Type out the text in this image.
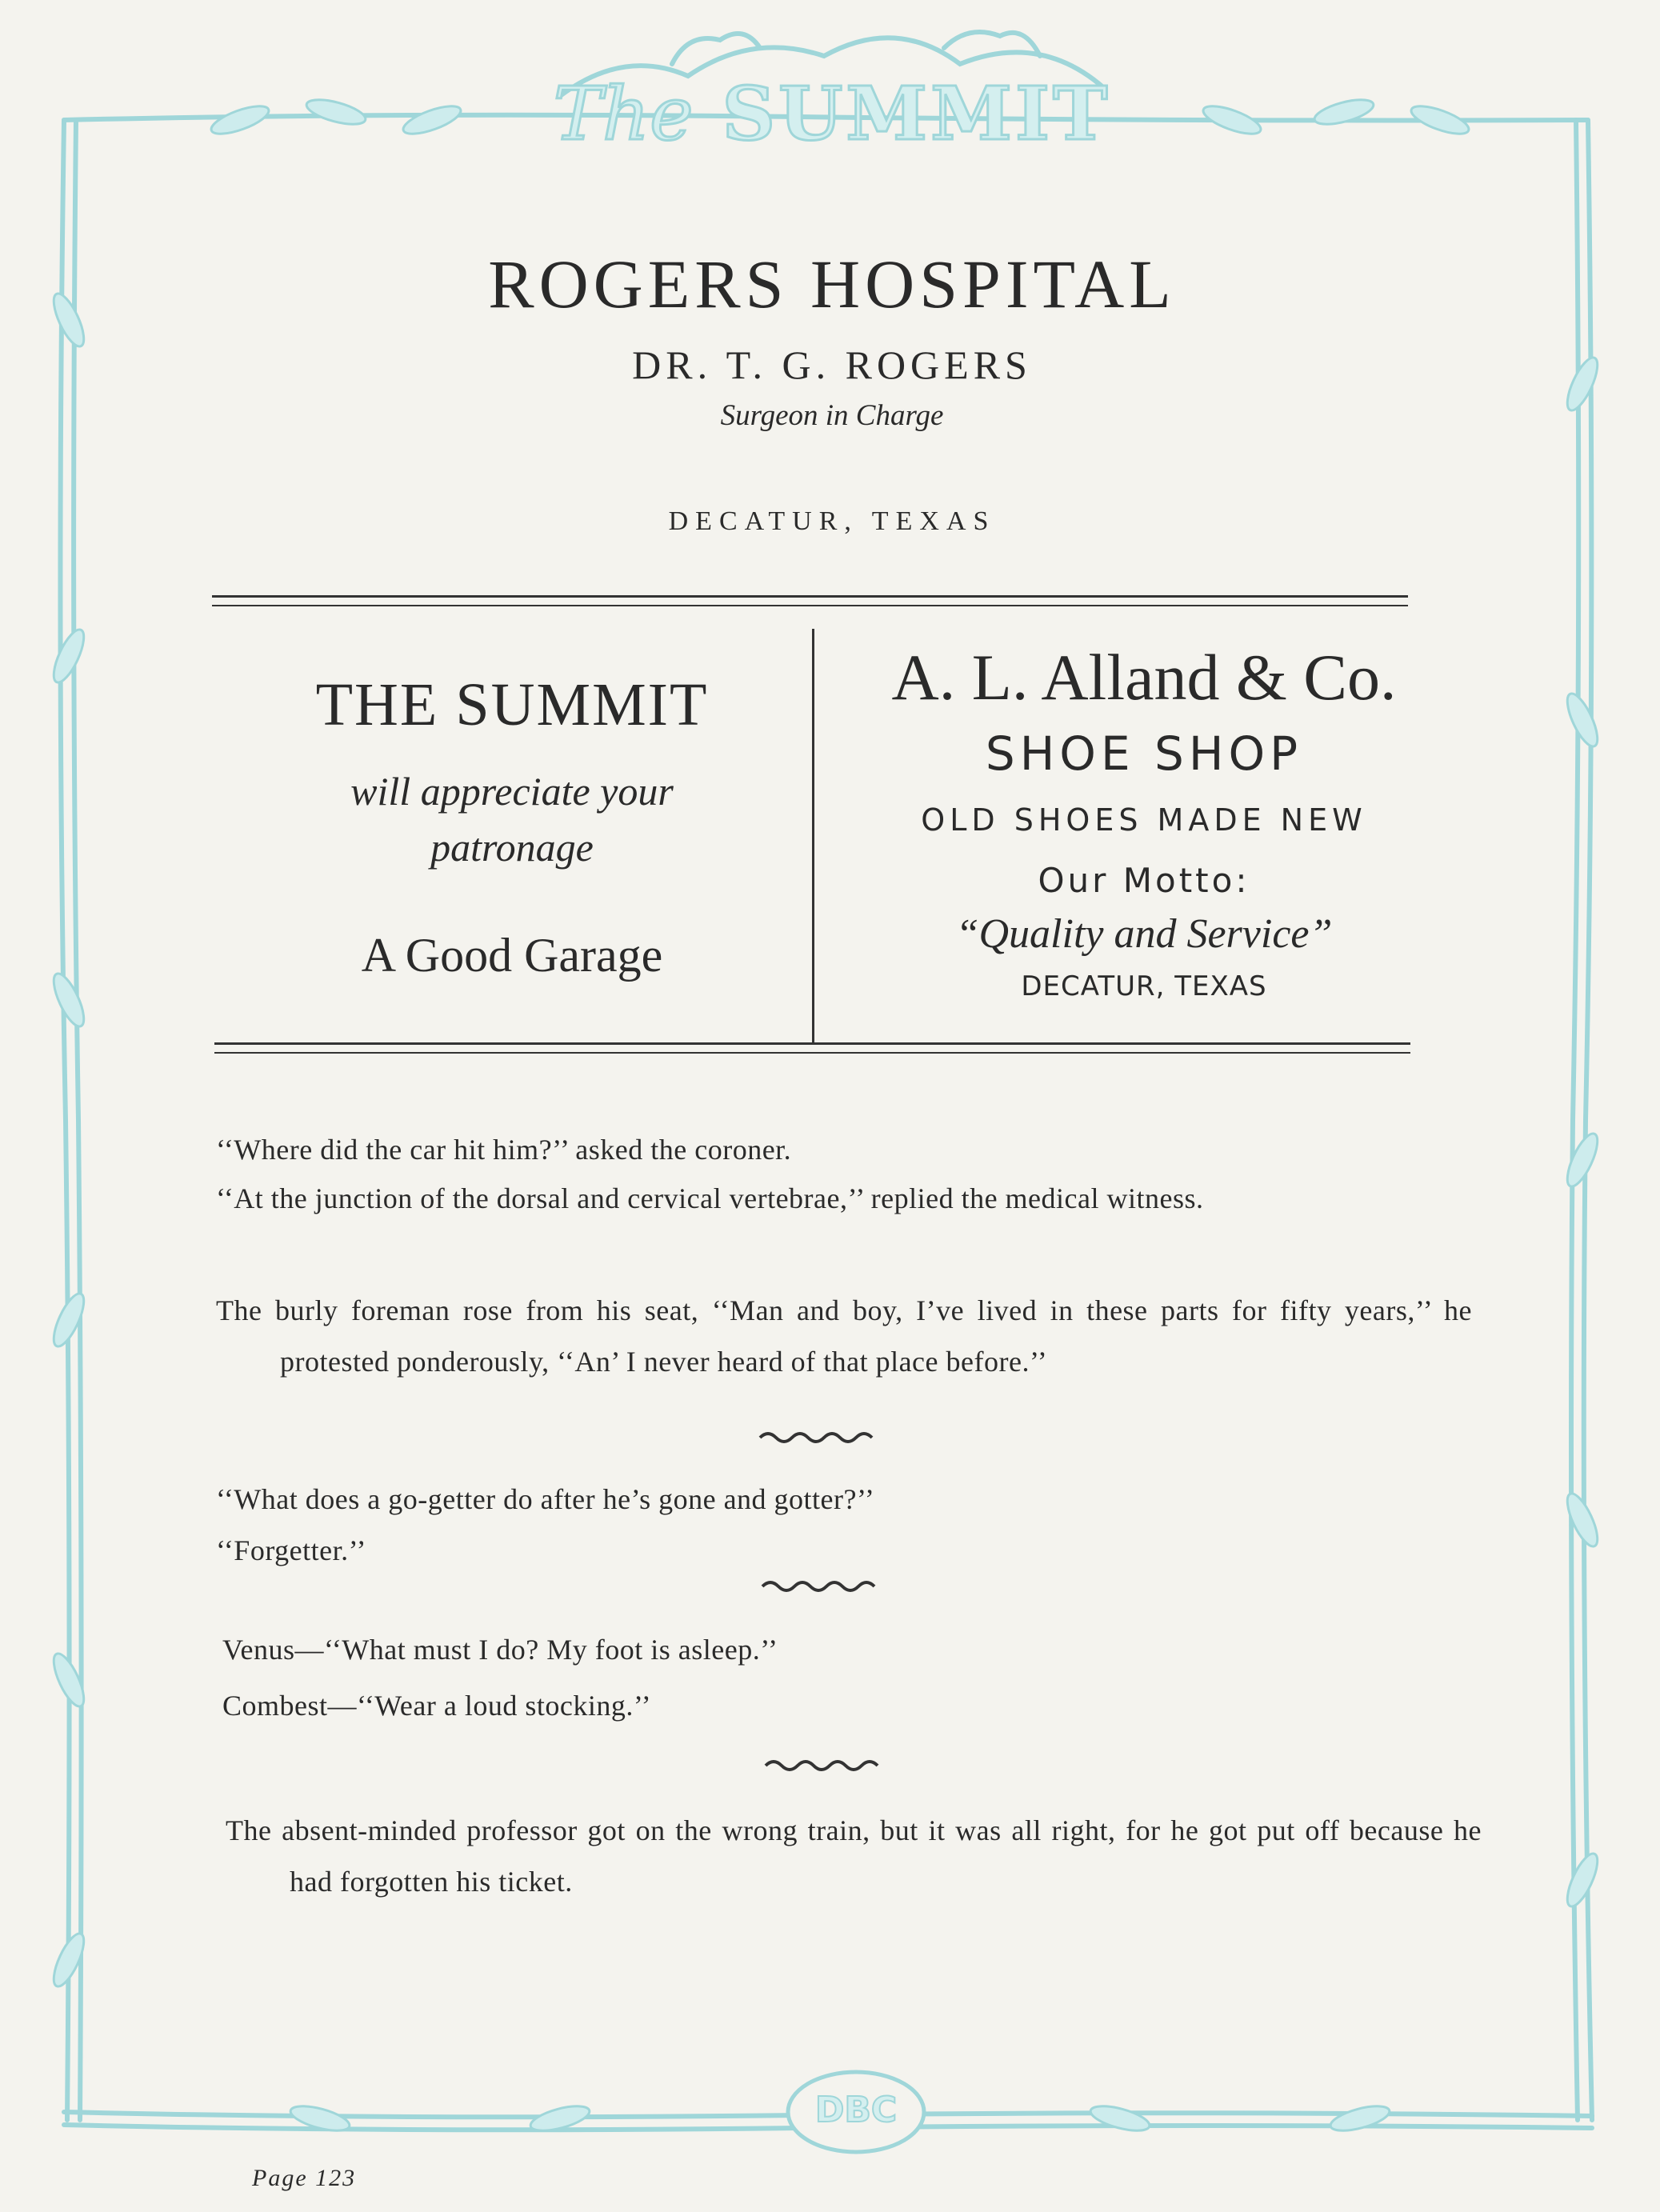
The SUMMIT
DBC
ROGERS HOSPITAL
DR. T. G. ROGERS
Surgeon in Charge
DECATUR, TEXAS
THE SUMMIT
will appreciate your
patronage
A Good Garage
A. L. Alland & Co.
SHOE SHOP
OLD SHOES MADE NEW
Our Motto:
“Quality and Service”
DECATUR, TEXAS
‘‘Where did the car hit him?’’ asked the coroner.
‘‘At the junction of the dorsal and cervical vertebrae,’’ replied the medical witness.
The burly foreman rose from his seat, ‘‘Man and boy, I’ve lived in these parts for fifty years,’’ he protested ponderously, ‘‘An’ I never heard of that place before.’’
‘‘What does a go-getter do after he’s gone and gotter?’’
‘‘Forgetter.’’
Venus—‘‘What must I do? My foot is asleep.’’
Combest—‘‘Wear a loud stocking.’’
The absent-minded professor got on the wrong train, but it was all right, for he got put off because he had forgotten his ticket.
Page 123
